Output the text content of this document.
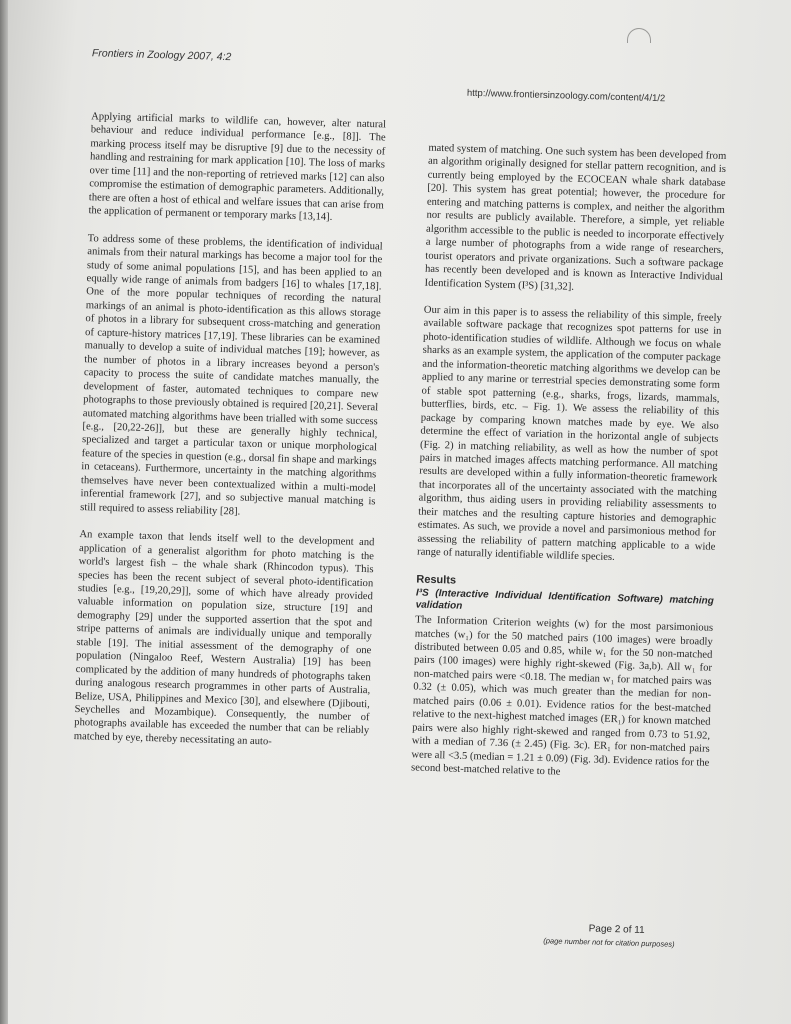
Frontiers in Zoology 2007, 4:2
http://www.frontiersinzoology.com/content/4/1/2

Applying artificial marks to wildlife can, however, alter natural behaviour and reduce individual performance [e.g., [8]]. The marking process itself may be disruptive [9] due to the necessity of handling and restraining for mark application [10]. The loss of marks over time [11] and the non-reporting of retrieved marks [12] can also compromise the estimation of demographic parameters. Additionally, there are often a host of ethical and welfare issues that can arise from the application of permanent or temporary marks [13,14].

To address some of these problems, the identification of individual animals from their natural markings has become a major tool for the study of some animal populations [15], and has been applied to an equally wide range of animals from badgers [16] to whales [17,18]. One of the more popular techniques of recording the natural markings of an animal is photo-identification as this allows storage of photos in a library for subsequent cross-matching and generation of capture-history matrices [17,19]. These libraries can be examined manually to develop a suite of individual matches [19]; however, as the number of photos in a library increases beyond a person's capacity to process the suite of candidate matches manually, the development of faster, automated techniques to compare new photographs to those previously obtained is required [20,21]. Several automated matching algorithms have been trialled with some success [e.g., [20,22-26]], but these are generally highly technical, specialized and target a particular taxon or unique morphological feature of the species in question (e.g., dorsal fin shape and markings in cetaceans). Furthermore, uncertainty in the matching algorithms themselves have never been contextualized within a multi-model inferential framework [27], and so subjective manual matching is still required to assess reliability [28].

An example taxon that lends itself well to the development and application of a generalist algorithm for photo matching is the world's largest fish – the whale shark (Rhincodon typus). This species has been the recent subject of several photo-identification studies [e.g., [19,20,29]], some of which have already provided valuable information on population size, structure [19] and demography [29] under the supported assertion that the spot and stripe patterns of animals are individually unique and temporally stable [19]. The initial assessment of the demography of one population (Ningaloo Reef, Western Australia) [19] has been complicated by the addition of many hundreds of photographs taken during analogous research programmes in other parts of Australia, Belize, USA, Philippines and Mexico [30], and elsewhere (Djibouti, Seychelles and Mozambique). Consequently, the number of photographs available has exceeded the number that can be reliably matched by eye, thereby necessitating an auto-

mated system of matching. One such system has been developed from an algorithm originally designed for stellar pattern recognition, and is currently being employed by the ECOCEAN whale shark database [20]. This system has great potential; however, the procedure for entering and matching patterns is complex, and neither the algorithm nor results are publicly available. Therefore, a simple, yet reliable algorithm accessible to the public is needed to incorporate effectively a large number of photographs from a wide range of researchers, tourist operators and private organizations. Such a software package has recently been developed and is known as Interactive Individual Identification System (I³S) [31,32].

Our aim in this paper is to assess the reliability of this simple, freely available software package that recognizes spot patterns for use in photo-identification studies of wildlife. Although we focus on whale sharks as an example system, the application of the computer package and the information-theoretic matching algorithms we develop can be applied to any marine or terrestrial species demonstrating some form of stable spot patterning (e.g., sharks, frogs, lizards, mammals, butterflies, birds, etc. – Fig. 1). We assess the reliability of this package by comparing known matches made by eye. We also determine the effect of variation in the horizontal angle of subjects (Fig. 2) in matching reliability, as well as how the number of spot pairs in matched images affects matching performance. All matching results are developed within a fully information-theoretic framework that incorporates all of the uncertainty associated with the matching algorithm, thus aiding users in providing reliability assessments to their matches and the resulting capture histories and demographic estimates. As such, we provide a novel and parsimonious method for assessing the reliability of pattern matching applicable to a wide range of naturally identifiable wildlife species.

Results
I³S (Interactive Individual Identification Software) matching validation

The Information Criterion weights (w) for the most parsimonious matches (w₁) for the 50 matched pairs (100 images) were broadly distributed between 0.05 and 0.85, while w₁ for the 50 non-matched pairs (100 images) were highly right-skewed (Fig. 3a,b). All w₁ for non-matched pairs were <0.18. The median w₁ for matched pairs was 0.32 (± 0.05), which was much greater than the median for non-matched pairs (0.06 ± 0.01). Evidence ratios for the best-matched relative to the next-highest matched images (ER₁) for known matched pairs were also highly right-skewed and ranged from 0.73 to 51.92, with a median of 7.36 (± 2.45) (Fig. 3c). ER₁ for non-matched pairs were all <3.5 (median = 1.21 ± 0.09) (Fig. 3d). Evidence ratios for the second best-matched relative to the

Page 2 of 11
(page number not for citation purposes)
